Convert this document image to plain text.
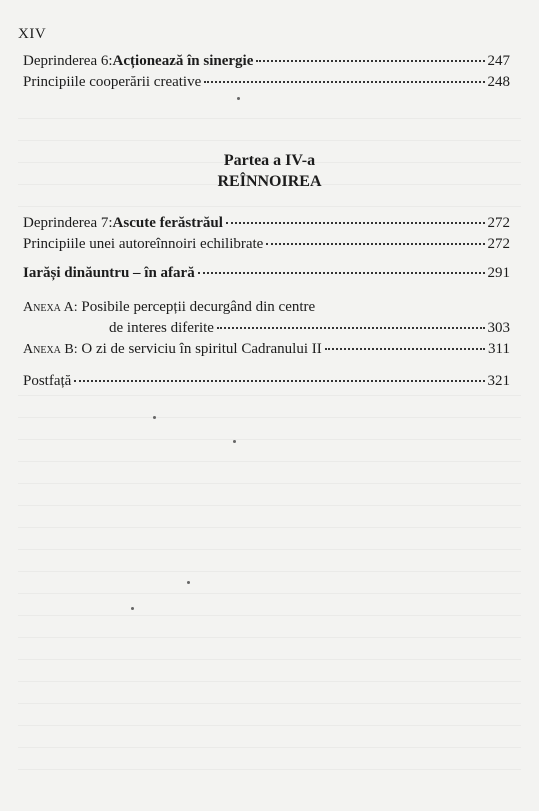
XIV
Deprinderea 6: Acționează în sinergie	247
Principiile cooperării creative	248
Partea a IV-a
REÎNNOIREA
Deprinderea 7: Ascute ferăstrăul	272
Principiile unei autoreînnoiri echilibrate	272
Iarăși dinăuntru – în afară	291
Anexa A: Posibile percepții decurgând din centre
de interes diferite	303
Anexa B:
O zi de serviciu în spiritul Cadranului II	311
Postfață	321
